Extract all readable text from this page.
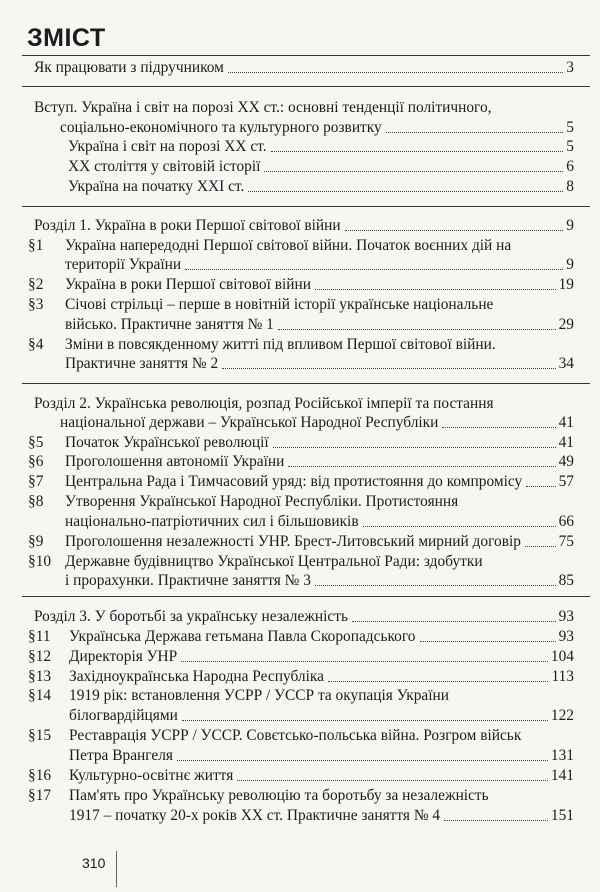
ЗМІСТ
Як працювати з підручником	3
Вступ. Україна і світ на порозі XX ст.: основні тенденції політичного,
соціально-економічного та культурного розвитку	5
Україна і світ на порозі XX ст.	5
XX століття у світовій історії	6
Україна на початку XXI ст.	8
Розділ 1. Україна в роки Першої світової війни	9
§1 Україна напередодні Першої світової війни. Початок воєнних дій на
території України	9
§2 Україна в роки Першої світової війни	19
§3 Січові стрільці – перше в новітній історії українське національне
військо. Практичне заняття № 1	29
§4 Зміни в повсякденному житті під впливом Першої світової війни.
Практичне заняття № 2	34
Розділ 2. Українська революція, розпад Російської імперії та постання
національної держави – Української Народної Республіки	41
§5 Початок Української революції	41
§6 Проголошення автономії України	49
§7 Центральна Рада і Тимчасовий уряд: від протистояння до компромісу 57
§8 Утворення Української Народної Республіки. Протистояння
національно-патріотичних сил і більшовиків	66
§9 Проголошення незалежності УНР. Брест-Литовський мирний договір 75
§10 Державне будівництво Української Центральної Ради: здобутки
і прорахунки. Практичне заняття № 3	85
Розділ 3. У боротьбі за українську незалежність	93
§11 Українська Держава гетьмана Павла Скоропадського	93
§12 Директорія УНР	104
§13 Західноукраїнська Народна Республіка	113
§14 1919 рік: встановлення УСРР / УССР та окупація України
білогвардійцями	122
§15 Реставрація УСРР / УССР. Совєтсько-польська війна. Розгром військ
Петра Врангеля	131
§16 Культурно-освітнє життя	141
§17 Пам'ять про Українську революцію та боротьбу за незалежність
1917 – початку 20-х років XX ст. Практичне заняття № 4	151
310
